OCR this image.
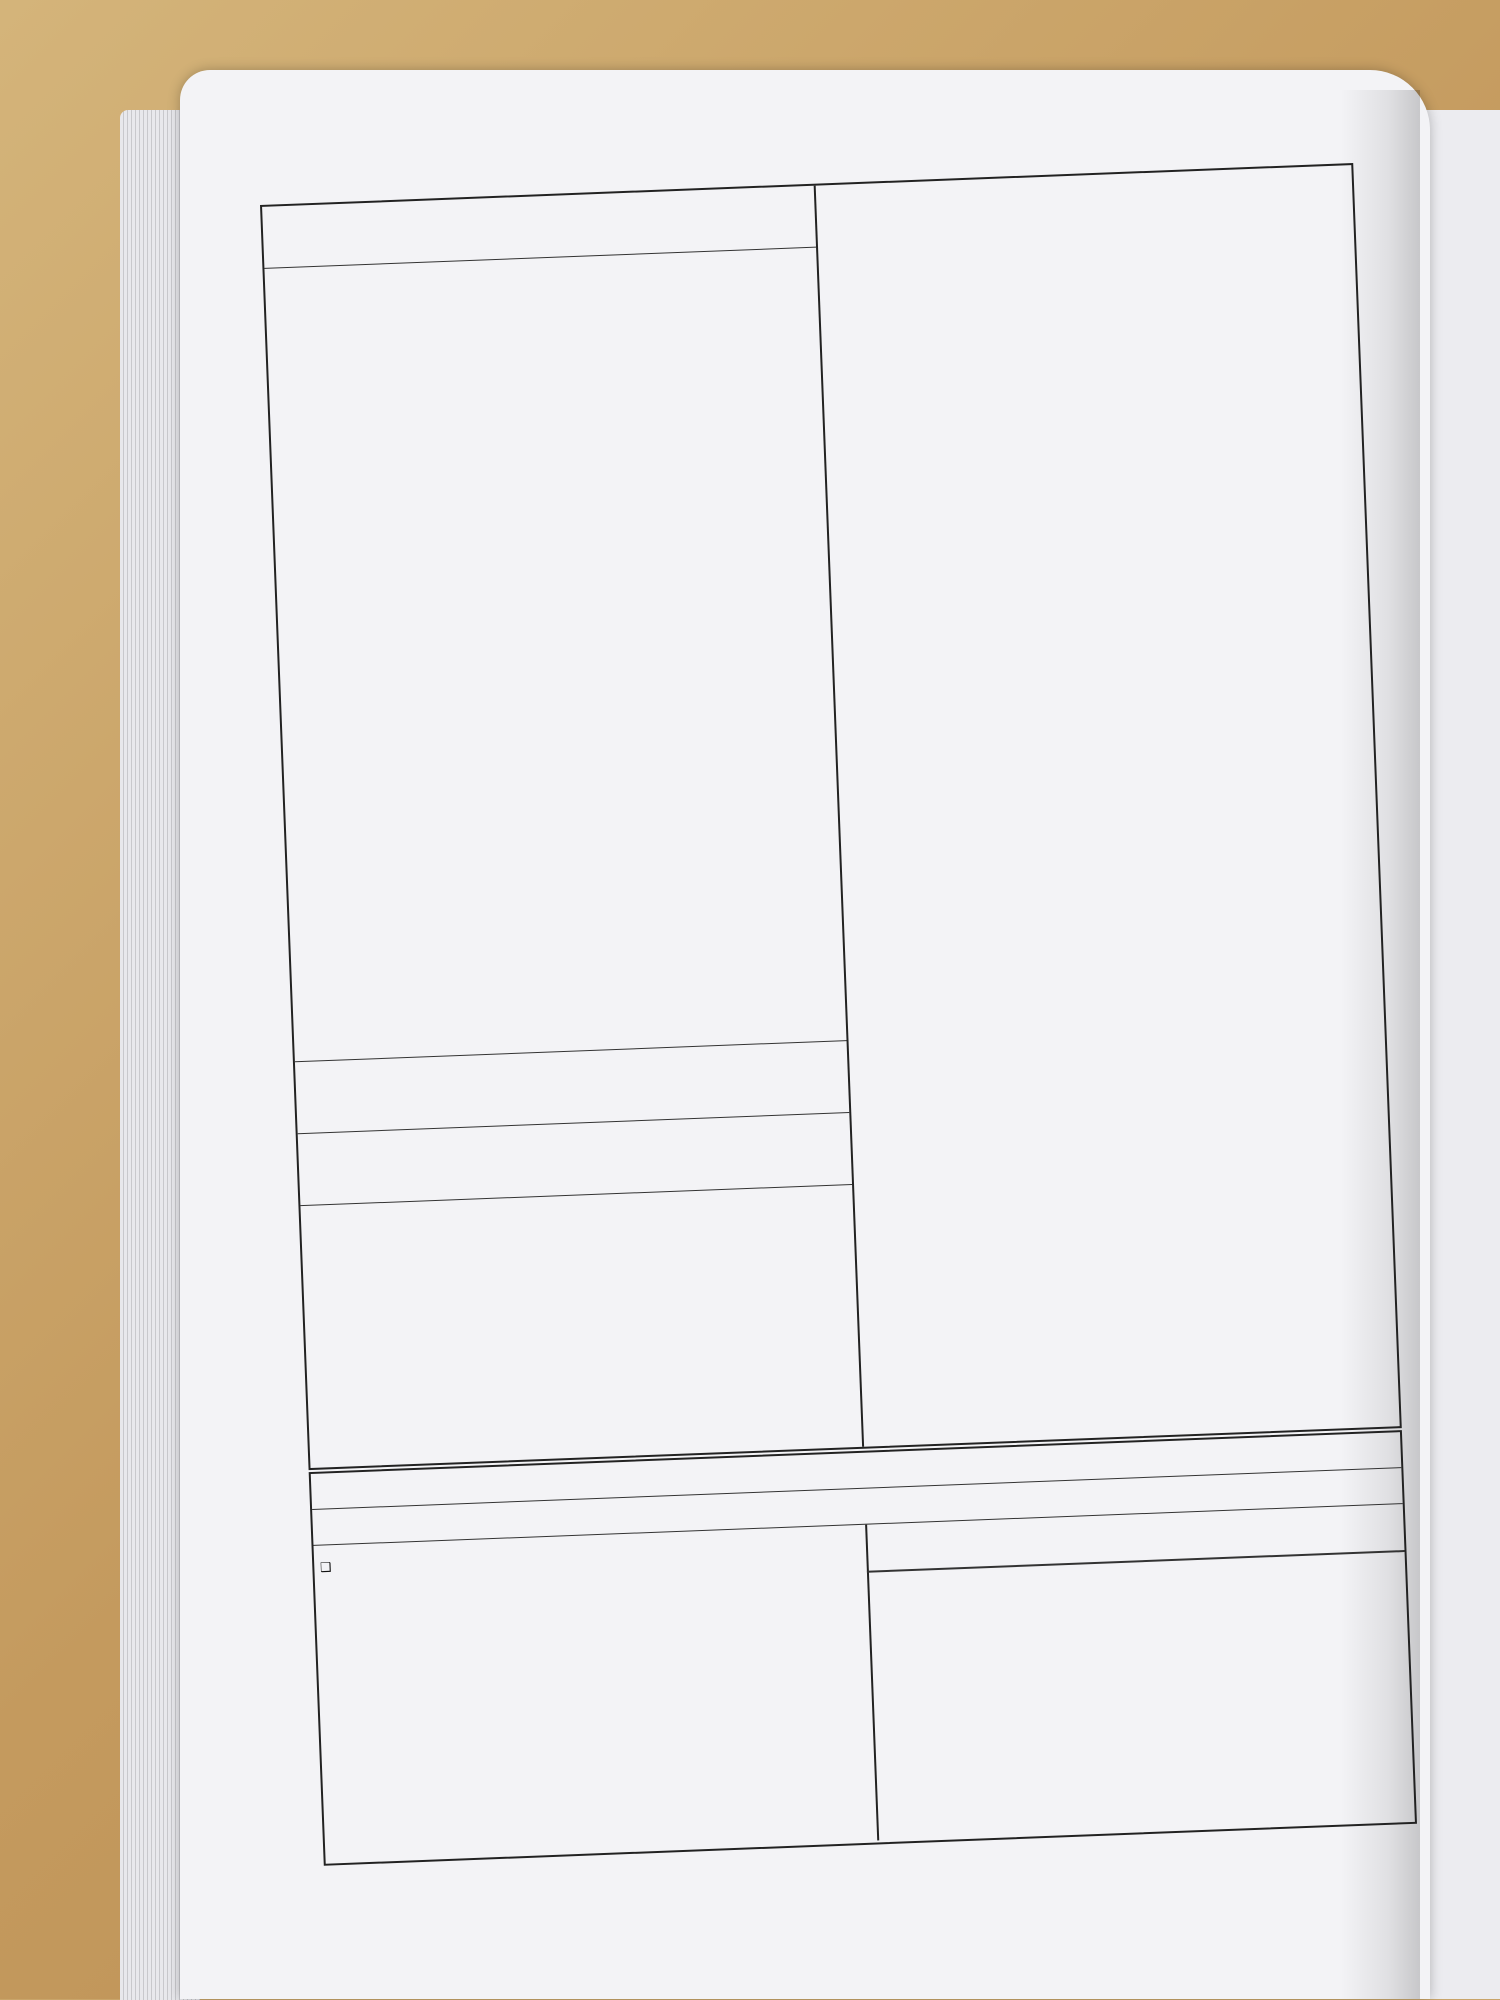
❑
